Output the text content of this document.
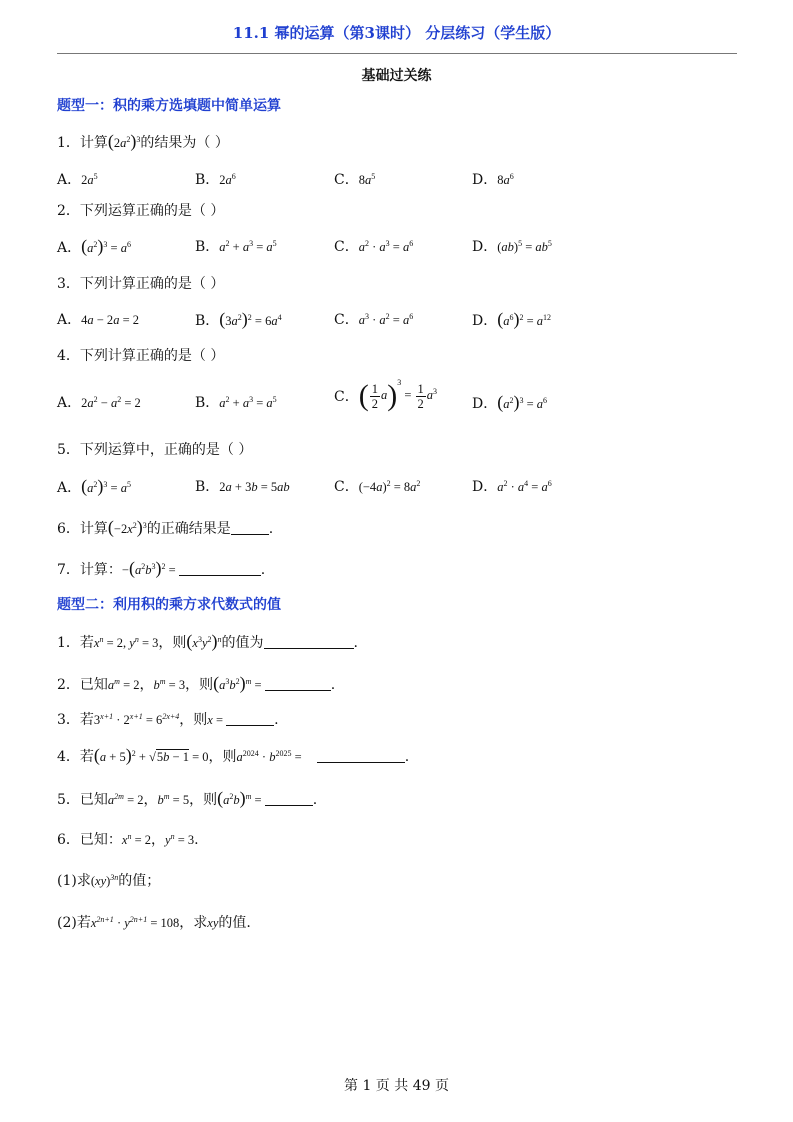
11.1 幂的运算（第3课时） 分层练习（学生版）
基础过关练
题型一：积的乘方选填题中简单运算
1．计算$(2a^2)^3$的结果为（ ）
A．$2a^5$	B．$2a^6$	C．$8a^5$	D．$8a^6$
2．下列运算正确的是（ ）
A．$(a^2)^3 = a^6$	B．$a^2 + a^3 = a^5$	C．$a^2 \cdot a^3 = a^6$	D．$(ab)^5 = ab^5$
3．下列计算正确的是（ ）
A．4a − 2a = 2	B．$(3a^2)^2 = 6a^4$	C．$a^3 \cdot a^2 = a^6$	D．$(a^6)^2 = a^{12}$
4．下列计算正确的是（ ）
A．$2a^2 - a^2 = 2$	B．$a^2 + a^3 = a^5$	C．( $\frac{1}{2} a)^3 = \frac{1}{2} a^3$
D．$(a^2)^3 = a^6$
5．下列运算中，正确的是（ ）
A．$(a^2)^3 = a^5$	B．2a + 3b = 5ab	C．$(-4a)^2 = 8a^2$	D．$a^2 \cdot a^4 = a^6$
6．计算$(-2x^2)^3$的正确结果是	.
7．计算：$-(a^2b^3)^2$ =	.
题型二：利用积的乘方求代数式的值
1．若$x^n = 2$, $y^n = 3$，则$(x^3y^2)^n$的值为	.
2．已知$a^m = 2$，$b^m = 3$，则$(a^3b^2)^m$ =	.
3．若$3^{x+1} \cdot 2^{x+1} = 6^{2x+4}$，则x =	.
4．若$(a + 5)^2 + √5b - 1 = 0$，则$a^{2024} \cdot b^{2025}$ =	.
5．已知$a^{2m} = 2$，$b^m = 5$，则$(a^2b)^m$ =	.
6．已知：$x^n = 2$，$y^n = 3$.
(1)求(xy)$^{3n}$的值；
(2)若$x^{2n+1} \cdot y^{2n+1} = 108$，求xy的值.
第 1 页 共 49 页
